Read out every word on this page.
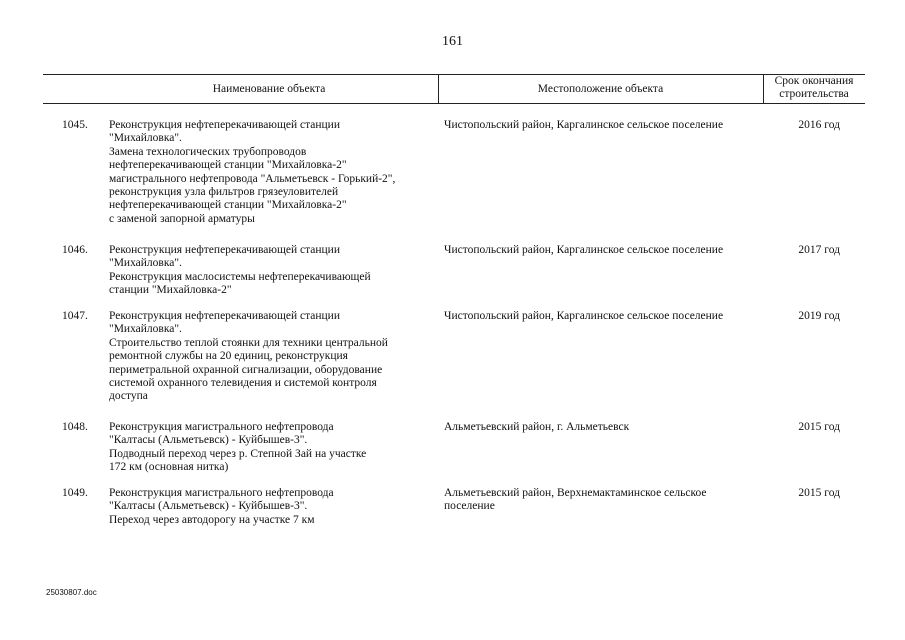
161
Наименование объекта	Местоположение объекта
Срок окончания
строительства
1045.	Реконструкция нефтеперекачивающей станции
"Михайловка".
Замена технологических трубопроводов
нефтеперекачивающей станции "Михайловка-2"
магистрального нефтепровода "Альметьевск - Горький-2",
реконструкция узла фильтров грязеуловителей
нефтеперекачивающей станции "Михайловка-2"
с заменой запорной арматуры
Чистопольский район, Каргалинское сельское поселение	2016 год
1046.	Реконструкция нефтеперекачивающей станции
"Михайловка".
Реконструкция маслосистемы нефтеперекачивающей
станции "Михайловка-2"
Чистопольский район, Каргалинское сельское поселение	2017 год
1047.	Реконструкция нефтеперекачивающей станции
"Михайловка".
Строительство теплой стоянки для техники центральной
ремонтной службы на 20 единиц, реконструкция
периметральной охранной сигнализации, оборудование
системой охранного телевидения и системой контроля
доступа
Чистопольский район, Каргалинское сельское поселение	2019 год
1048.	Реконструкция магистрального нефтепровода
"Калтасы (Альметьевск) - Куйбышев-3".
Подводный переход через р. Степной Зай на участке
172 км (основная нитка)
Альметьевский район, г. Альметьевск	2015 год
1049.	Реконструкция магистрального нефтепровода
"Калтасы (Альметьевск) - Куйбышев-3".
Переход через автодорогу на участке 7 км
Альметьевский район, Верхнемактаминское сельское
поселение
2015 год
25030807.doc
